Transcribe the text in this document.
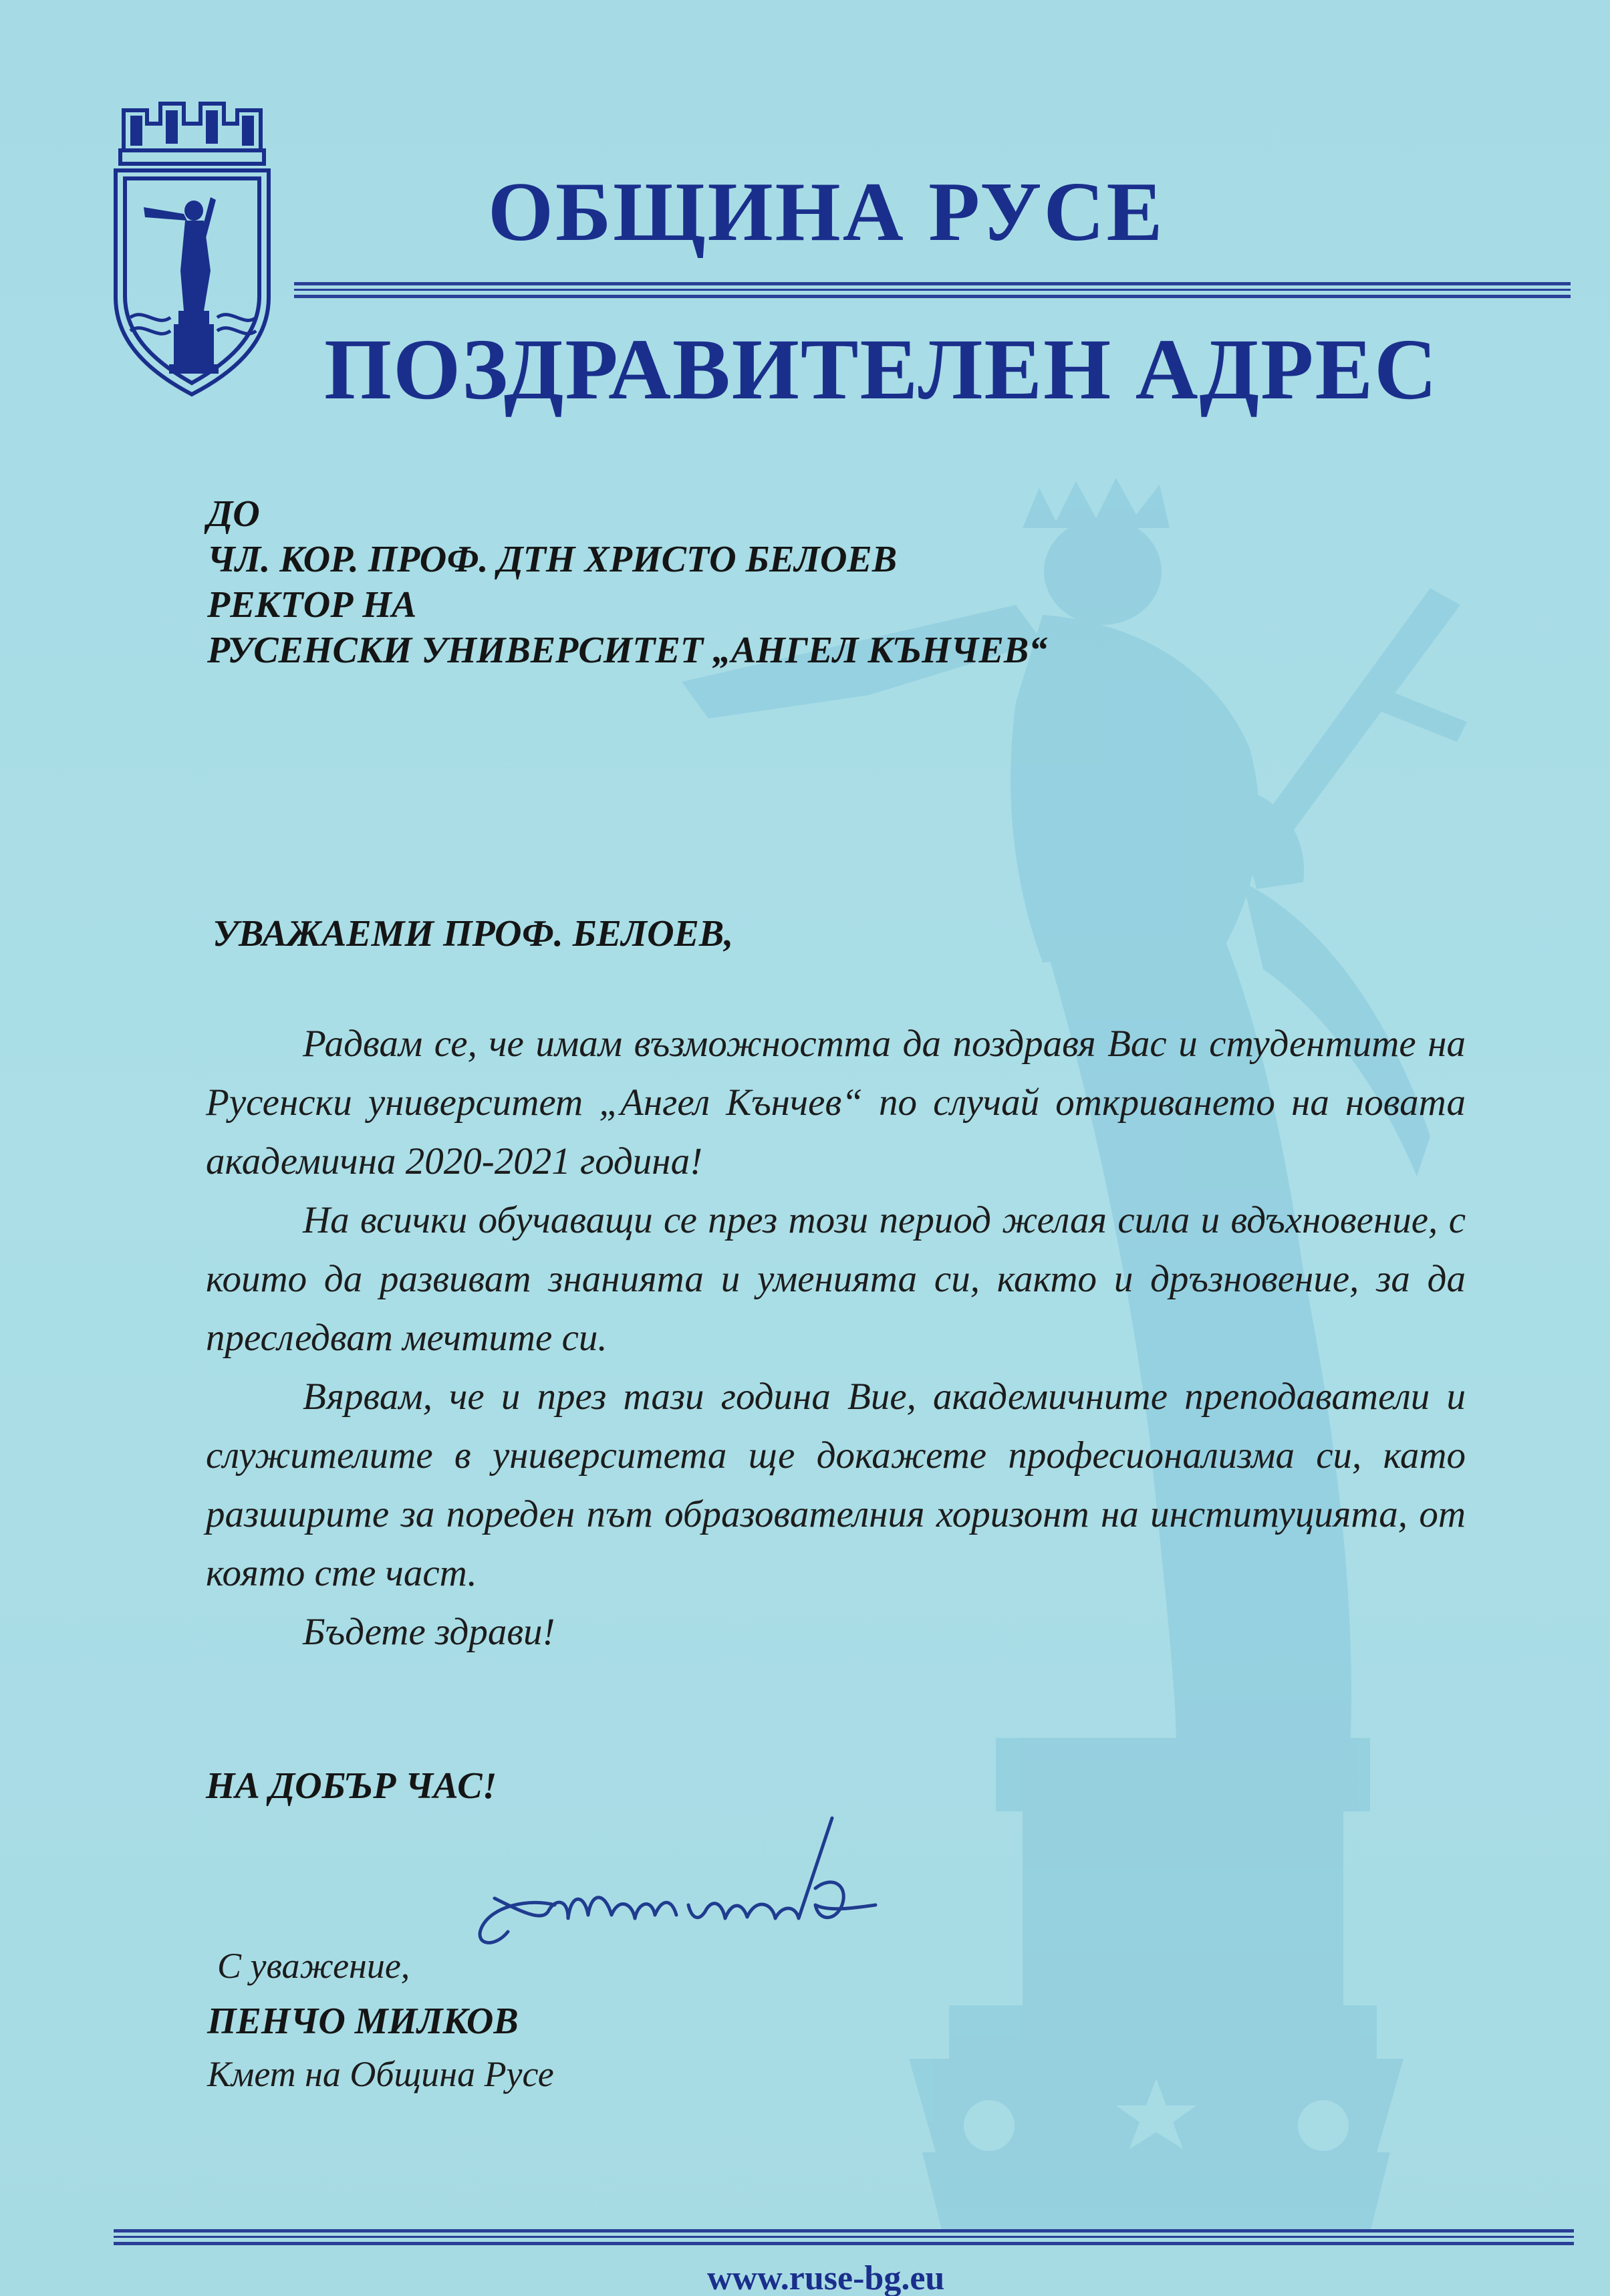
ОБЩИНА РУСЕ
ПОЗДРАВИТЕЛЕН АДРЕС
ДО
ЧЛ. КОР. ПРОФ. ДТН ХРИСТО БЕЛОЕВ
РЕКТОР НА
РУСЕНСКИ УНИВЕРСИТЕТ „АНГЕЛ КЪНЧЕВ“
УВАЖАЕМИ ПРОФ. БЕЛОЕВ,

Радвам се, че имам възможността да поздравя Вас и студентите на Русенски университет „Ангел Кънчев“ по случай откриването на новата академична 2020-2021 година!

На всички обучаващи се през този период желая сила и вдъхновение, с които да развиват знанията и уменията си, както и дръзновение, за да преследват мечтите си.

Вярвам, че и през тази година Вие, академичните преподаватели и служителите в университета ще докажете професионализма си, като разширите за пореден път образователния хоризонт на институцията, от която сте част.

Бъдете здрави!

НА ДОБЪР ЧАС!
С уважение,
ПЕНЧО МИЛКОВ
Кмет на Община Русе
www.ruse-bg.eu
